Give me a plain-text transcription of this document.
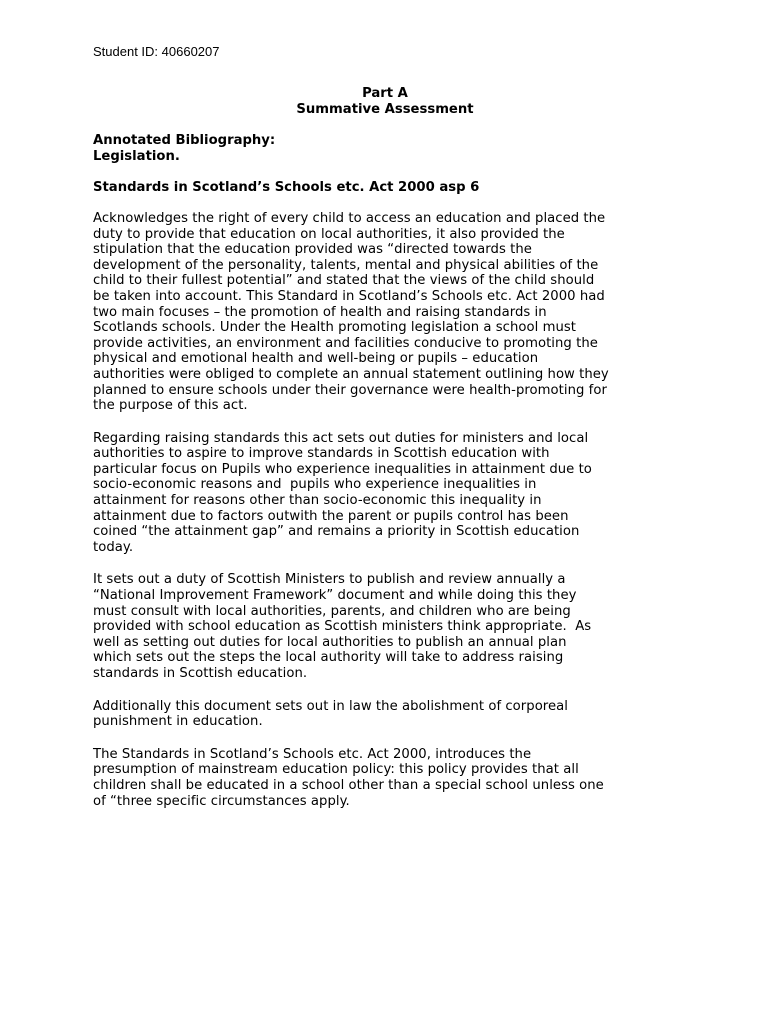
Student ID: 40660207
Part A
Summative Assessment
Annotated Bibliography:
Legislation.
Standards in Scotland’s Schools etc. Act 2000 asp 6

Acknowledges the right of every child to access an education and placed the
duty to provide that education on local authorities, it also provided the
stipulation that the education provided was “directed towards the
development of the personality, talents, mental and physical abilities of the
child to their fullest potential” and stated that the views of the child should
be taken into account. This Standard in Scotland’s Schools etc. Act 2000 had
two main focuses – the promotion of health and raising standards in
Scotlands schools. Under the Health promoting legislation a school must
provide activities, an environment and facilities conducive to promoting the
physical and emotional health and well-being or pupils – education
authorities were obliged to complete an annual statement outlining how they
planned to ensure schools under their governance were health-promoting for
the purpose of this act.

Regarding raising standards this act sets out duties for ministers and local
authorities to aspire to improve standards in Scottish education with
particular focus on Pupils who experience inequalities in attainment due to
socio-economic reasons and  pupils who experience inequalities in
attainment for reasons other than socio-economic this inequality in
attainment due to factors outwith the parent or pupils control has been
coined “the attainment gap” and remains a priority in Scottish education
today.

It sets out a duty of Scottish Ministers to publish and review annually a
“National Improvement Framework” document and while doing this they
must consult with local authorities, parents, and children who are being
provided with school education as Scottish ministers think appropriate.  As
well as setting out duties for local authorities to publish an annual plan
which sets out the steps the local authority will take to address raising
standards in Scottish education.

Additionally this document sets out in law the abolishment of corporeal
punishment in education.

The Standards in Scotland’s Schools etc. Act 2000, introduces the
presumption of mainstream education policy: this policy provides that all
children shall be educated in a school other than a special school unless one
of “three specific circumstances apply.
